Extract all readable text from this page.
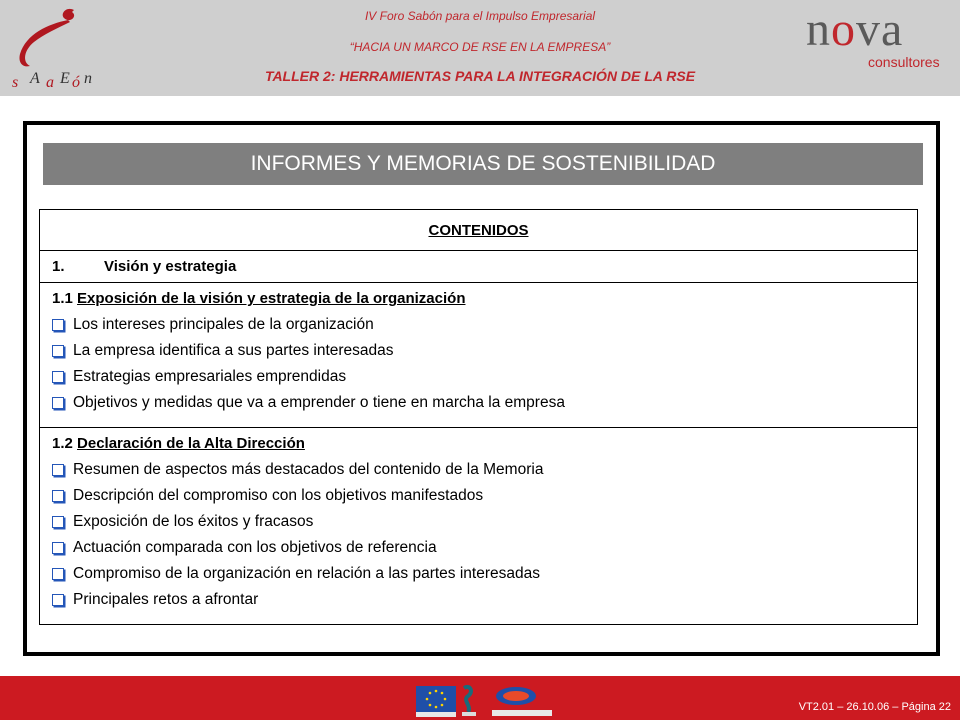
s A a E ó n
IV Foro Sabón para el Impulso Empresarial
“HACIA UN MARCO DE RSE EN LA EMPRESA”
TALLER 2: HERRAMIENTAS PARA LA INTEGRACIÓN DE LA RSE
nova
consultores
INFORMES Y MEMORIAS DE SOSTENIBILIDAD
CONTENIDOS
1.	Visión y estrategia
1.1 Exposición de la visión y estrategia de la organización
Los intereses principales de la organización
La empresa identifica a sus partes interesadas
Estrategias empresariales emprendidas
Objetivos y medidas que va a emprender o tiene en marcha la empresa
1.2 Declaración de la Alta Dirección
Resumen de aspectos más destacados del contenido de la Memoria
Descripción del compromiso con los objetivos manifestados
Exposición de los éxitos y fracasos
Actuación comparada con los objetivos de referencia
Compromiso de la organización en relación a las partes interesadas
Principales retos a afrontar
VT2.01 – 26.10.06 – Página 22
